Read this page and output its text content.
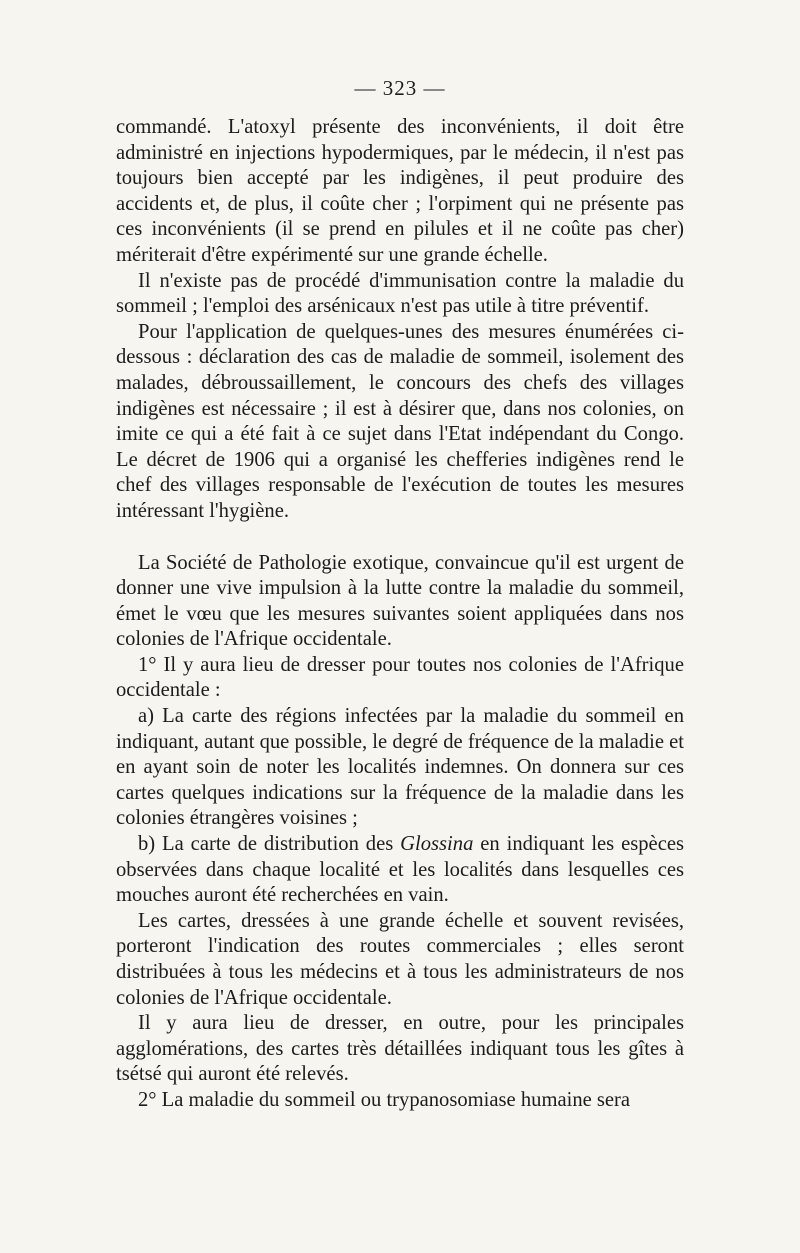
— 323 —

commandé. L'atoxyl présente des inconvénients, il doit être administré en injections hypodermiques, par le médecin, il n'est pas toujours bien accepté par les indigènes, il peut produire des accidents et, de plus, il coûte cher ; l'orpiment qui ne présente pas ces inconvénients (il se prend en pilules et il ne coûte pas cher) mériterait d'être expérimenté sur une grande échelle.

Il n'existe pas de procédé d'immunisation contre la maladie du sommeil ; l'emploi des arsénicaux n'est pas utile à titre préventif.

Pour l'application de quelques-unes des mesures énumérées ci-dessous : déclaration des cas de maladie de sommeil, isolement des malades, débroussaillement, le concours des chefs des villages indigènes est nécessaire ; il est à désirer que, dans nos colonies, on imite ce qui a été fait à ce sujet dans l'Etat indépendant du Congo. Le décret de 1906 qui a organisé les chefferies indigènes rend le chef des villages responsable de l'exécution de toutes les mesures intéressant l'hygiène.

La Société de Pathologie exotique, convaincue qu'il est urgent de donner une vive impulsion à la lutte contre la maladie du sommeil, émet le vœu que les mesures suivantes soient appliquées dans nos colonies de l'Afrique occidentale.

1° Il y aura lieu de dresser pour toutes nos colonies de l'Afrique occidentale :

a) La carte des régions infectées par la maladie du sommeil en indiquant, autant que possible, le degré de fréquence de la maladie et en ayant soin de noter les localités indemnes. On donnera sur ces cartes quelques indications sur la fréquence de la maladie dans les colonies étrangères voisines ;

b) La carte de distribution des Glossina en indiquant les espèces observées dans chaque localité et les localités dans lesquelles ces mouches auront été recherchées en vain.

Les cartes, dressées à une grande échelle et souvent revisées, porteront l'indication des routes commerciales ; elles seront distribuées à tous les médecins et à tous les administrateurs de nos colonies de l'Afrique occidentale.

Il y aura lieu de dresser, en outre, pour les principales agglomérations, des cartes très détaillées indiquant tous les gîtes à tsétsé qui auront été relevés.

2° La maladie du sommeil ou trypanosomiase humaine sera
